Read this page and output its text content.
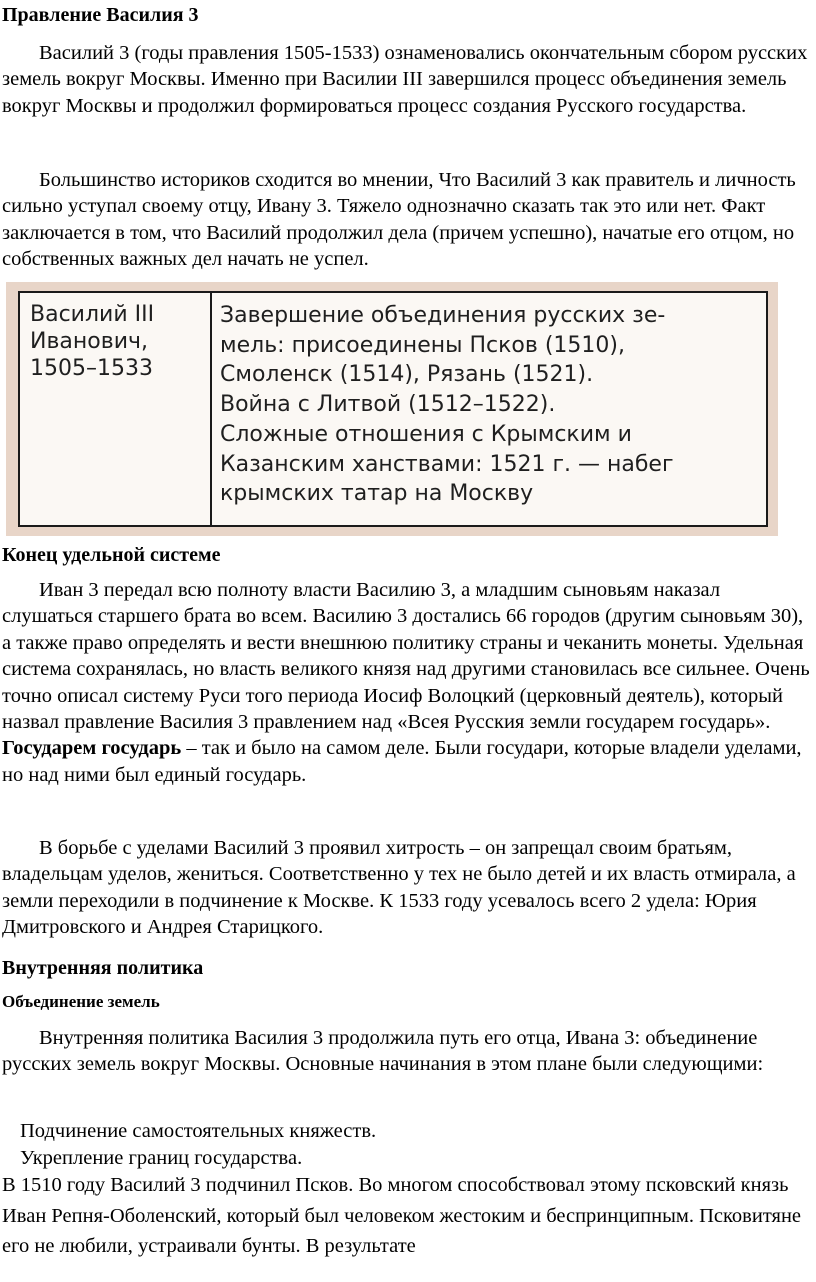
Правление Василия 3

Василий 3 (годы правления 1505-1533) ознаменовались окончательным сбором русских земель вокруг Москвы. Именно при Василии III завершился процесс объединения земель вокруг Москвы и продолжил формироваться процесс создания Русского государства.

Большинство историков сходится во мнении, Что Василий 3 как правитель и личность сильно уступал своему отцу, Ивану 3. Тяжело однозначно сказать так это или нет. Факт заключается в том, что Василий продолжил дела (причем успешно), начатые его отцом, но собственных важных дел начать не успел.

Василий III
Иванович,
1505–1533
Завершение объединения русских зе-
мель: присоединены Псков (1510),
Смоленск (1514), Рязань (1521).
Война с Литвой (1512–1522).
Сложные отношения с Крымским и
Казанским ханствами: 1521 г. — набег
крымских татар на Москву
Конец удельной системе

Иван 3 передал всю полноту власти Василию 3, а младшим сыновьям наказал слушаться старшего брата во всем. Василию 3 достались 66 городов (другим сыновьям 30), а также право определять и вести внешнюю политику страны и чеканить монеты. Удельная система сохранялась, но власть великого князя над другими становилась все сильнее. Очень точно описал систему Руси того периода Иосиф Волоцкий (церковный деятель), который назвал правление Василия 3 правлением над «Всея Русския земли государем государь». Государем государь – так и было на самом деле. Были государи, которые владели уделами, но над ними был единый государь.

В борьбе с уделами Василий 3 проявил хитрость – он запрещал своим братьям, владельцам уделов, жениться. Соответственно у тех не было детей и их власть отмирала, а земли переходили в подчинение к Москве. К 1533 году усевалось всего 2 удела: Юрия Дмитровского и Андрея Старицкого.

Внутренняя политика
Объединение земель

Внутренняя политика Василия 3 продолжила путь его отца, Ивана 3: объединение русских земель вокруг Москвы. Основные начинания в этом плане были следующими:

Подчинение самостоятельных княжеств.
Укрепление границ государства.

В 1510 году Василий 3 подчинил Псков. Во многом способствовал этому псковский князь Иван Репня-Оболенский, который был человеком жестоким и беспринципным. Псковитяне его не любили, устраивали бунты. В результате
